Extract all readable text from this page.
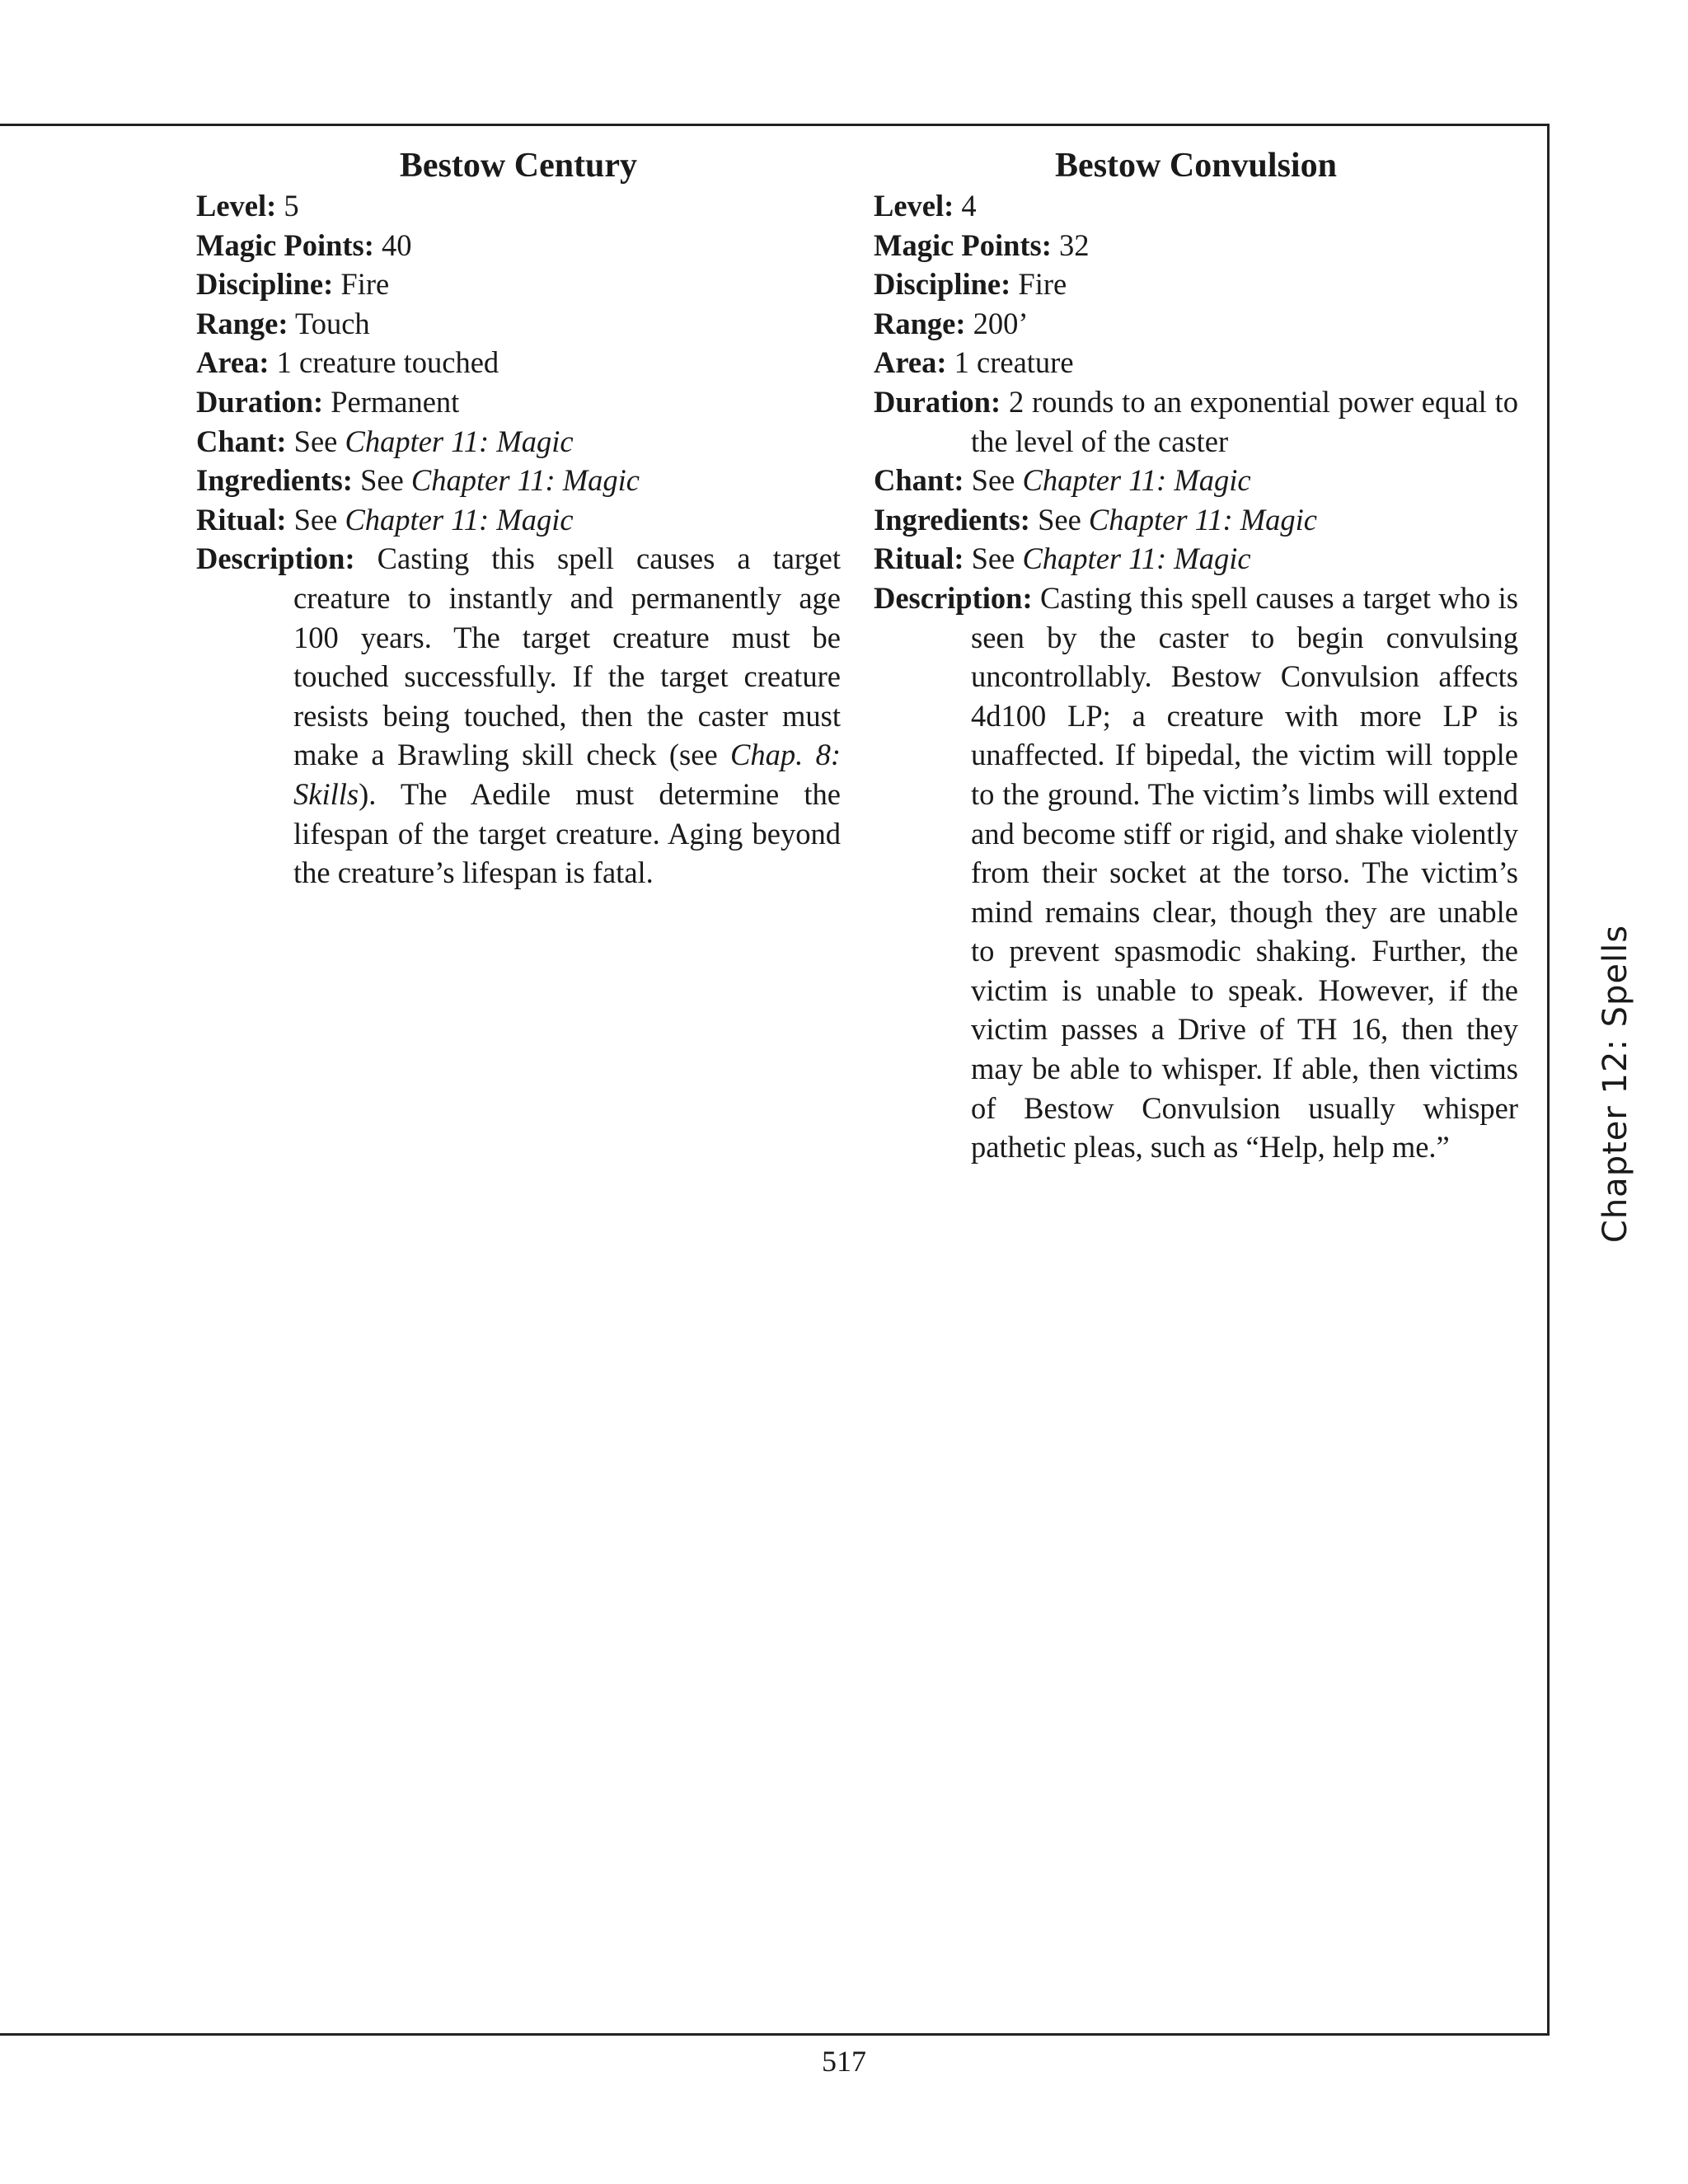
Bestow Century

Level: 5

Magic Points: 40

Discipline: Fire

Range: Touch

Area: 1 creature touched

Duration: Permanent

Chant: See Chapter 11: Magic

Ingredients: See Chapter 11: Magic

Ritual: See Chapter 11: Magic

Description: Casting this spell causes a target creature to instantly and permanently age 100 years. The target creature must be touched successfully. If the target creature resists being touched, then the caster must make a Brawling skill check (see Chap. 8: Skills). The Aedile must determine the lifespan of the target creature. Aging beyond the creature’s lifespan is fatal.

Bestow Convulsion

Level: 4

Magic Points: 32

Discipline: Fire

Range: 200’

Area: 1 creature

Duration: 2 rounds to an exponential power equal to the level of the caster

Chant: See Chapter 11: Magic

Ingredients: See Chapter 11: Magic

Ritual: See Chapter 11: Magic

Description: Casting this spell causes a target who is seen by the caster to begin convulsing uncontrollably. Bestow Convulsion affects 4d100 LP; a creature with more LP is unaffected. If bipedal, the victim will topple to the ground. The victim’s limbs will extend and become stiff or rigid, and shake violently from their socket at the torso. The victim’s mind remains clear, though they are unable to prevent spasmodic shaking. Further, the victim is unable to speak. However, if the victim passes a Drive of TH 16, then they may be able to whisper. If able, then victims of Bestow Convulsion usually whisper pathetic pleas, such as “Help, help me.”	Chapter 12: Spells
517
